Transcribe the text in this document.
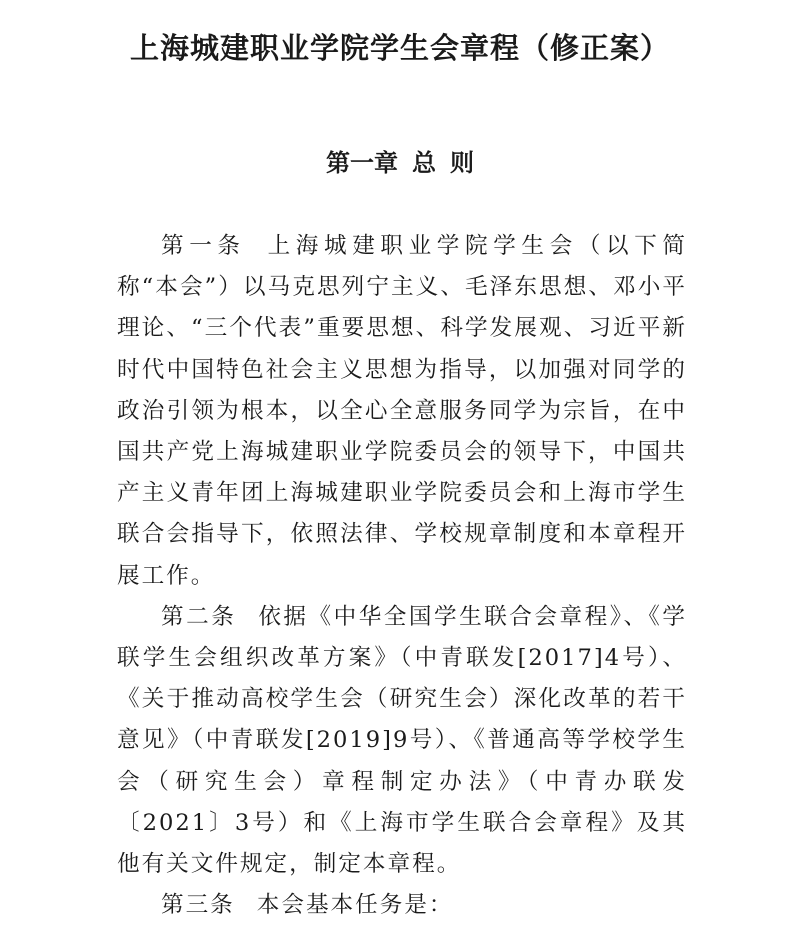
上海城建职业学院学生会章程（修正案）
第一章 总则

第一条 上海城建职业学院学生会（以下简称“本会”）以马克思列宁主义、毛泽东思想、邓小平理论、“三个代表”重要思想、科学发展观、习近平新时代中国特色社会主义思想为指导，以加强对同学的政治引领为根本，以全心全意服务同学为宗旨，在中国共产党上海城建职业学院委员会的领导下，中国共产主义青年团上海城建职业学院委员会和上海市学生联合会指导下，依照法律、学校规章制度和本章程开展工作。

第二条 依据《中华全国学生联合会章程》、《学联学生会组织改革方案》（中青联发[2017]4号）、《关于推动高校学生会（研究生会）深化改革的若干意见》（中青联发[2019]9号）、《普通高等学校学生会（研究生会）章程制定办法》（中青办联发〔2021〕3号）和《上海市学生联合会章程》及其他有关文件规定，制定本章程。

第三条 本会基本任务是：
